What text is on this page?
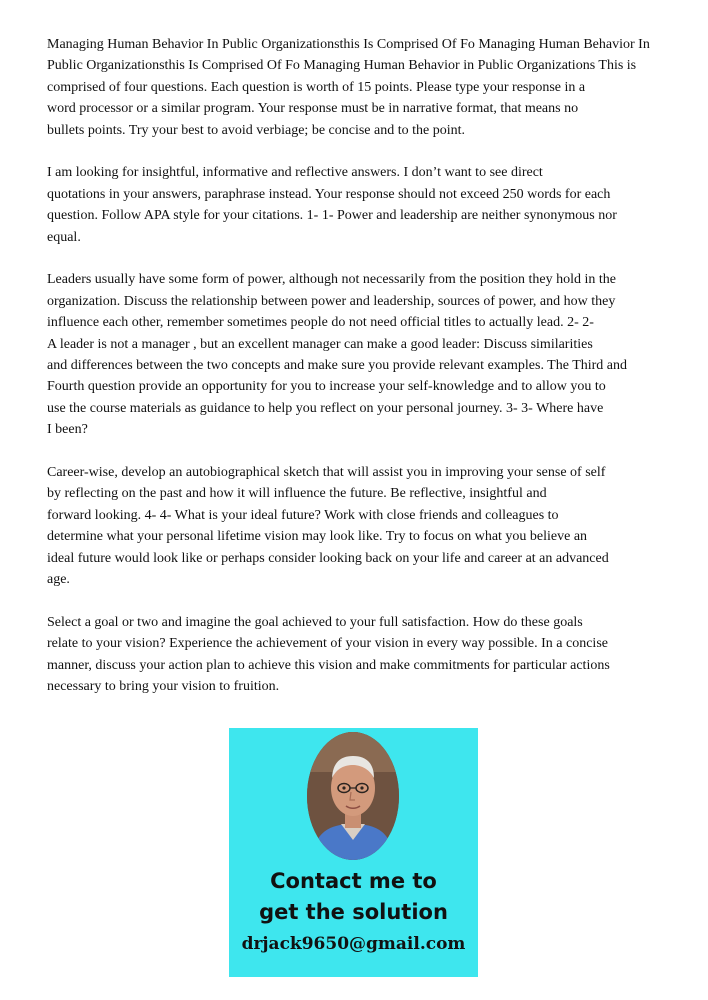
Managing Human Behavior In Public Organizationsthis Is Comprised Of Fo Managing Human Behavior In
Public Organizationsthis Is Comprised Of Fo Managing Human Behavior in Public Organizations This is
comprised of four questions. Each question is worth of 15 points. Please type your response in a
word processor or a similar program. Your response must be in narrative format, that means no
bullets points. Try your best to avoid verbiage; be concise and to the point.

I am looking for insightful, informative and reflective answers. I don’t want to see direct
quotations in your answers, paraphrase instead. Your response should not exceed 250 words for each
question. Follow APA style for your citations. 1- 1- Power and leadership are neither synonymous nor
equal.

Leaders usually have some form of power, although not necessarily from the position they hold in the
organization. Discuss the relationship between power and leadership, sources of power, and how they
influence each other, remember sometimes people do not need official titles to actually lead. 2- 2-
A leader is not a manager , but an excellent manager can make a good leader: Discuss similarities
and differences between the two concepts and make sure you provide relevant examples. The Third and
Fourth question provide an opportunity for you to increase your self-knowledge and to allow you to
use the course materials as guidance to help you reflect on your personal journey. 3- 3- Where have
I been?

Career-wise, develop an autobiographical sketch that will assist you in improving your sense of self
by reflecting on the past and how it will influence the future. Be reflective, insightful and
forward looking. 4- 4- What is your ideal future? Work with close friends and colleagues to
determine what your personal lifetime vision may look like. Try to focus on what you believe an
ideal future would look like or perhaps consider looking back on your life and career at an advanced
age.

Select a goal or two and imagine the goal achieved to your full satisfaction. How do these goals
relate to your vision? Experience the achievement of your vision in every way possible. In a concise
manner, discuss your action plan to achieve this vision and make commitments for particular actions
necessary to bring your vision to fruition.

Contact me to
get the solution
drjack9650@gmail.com
